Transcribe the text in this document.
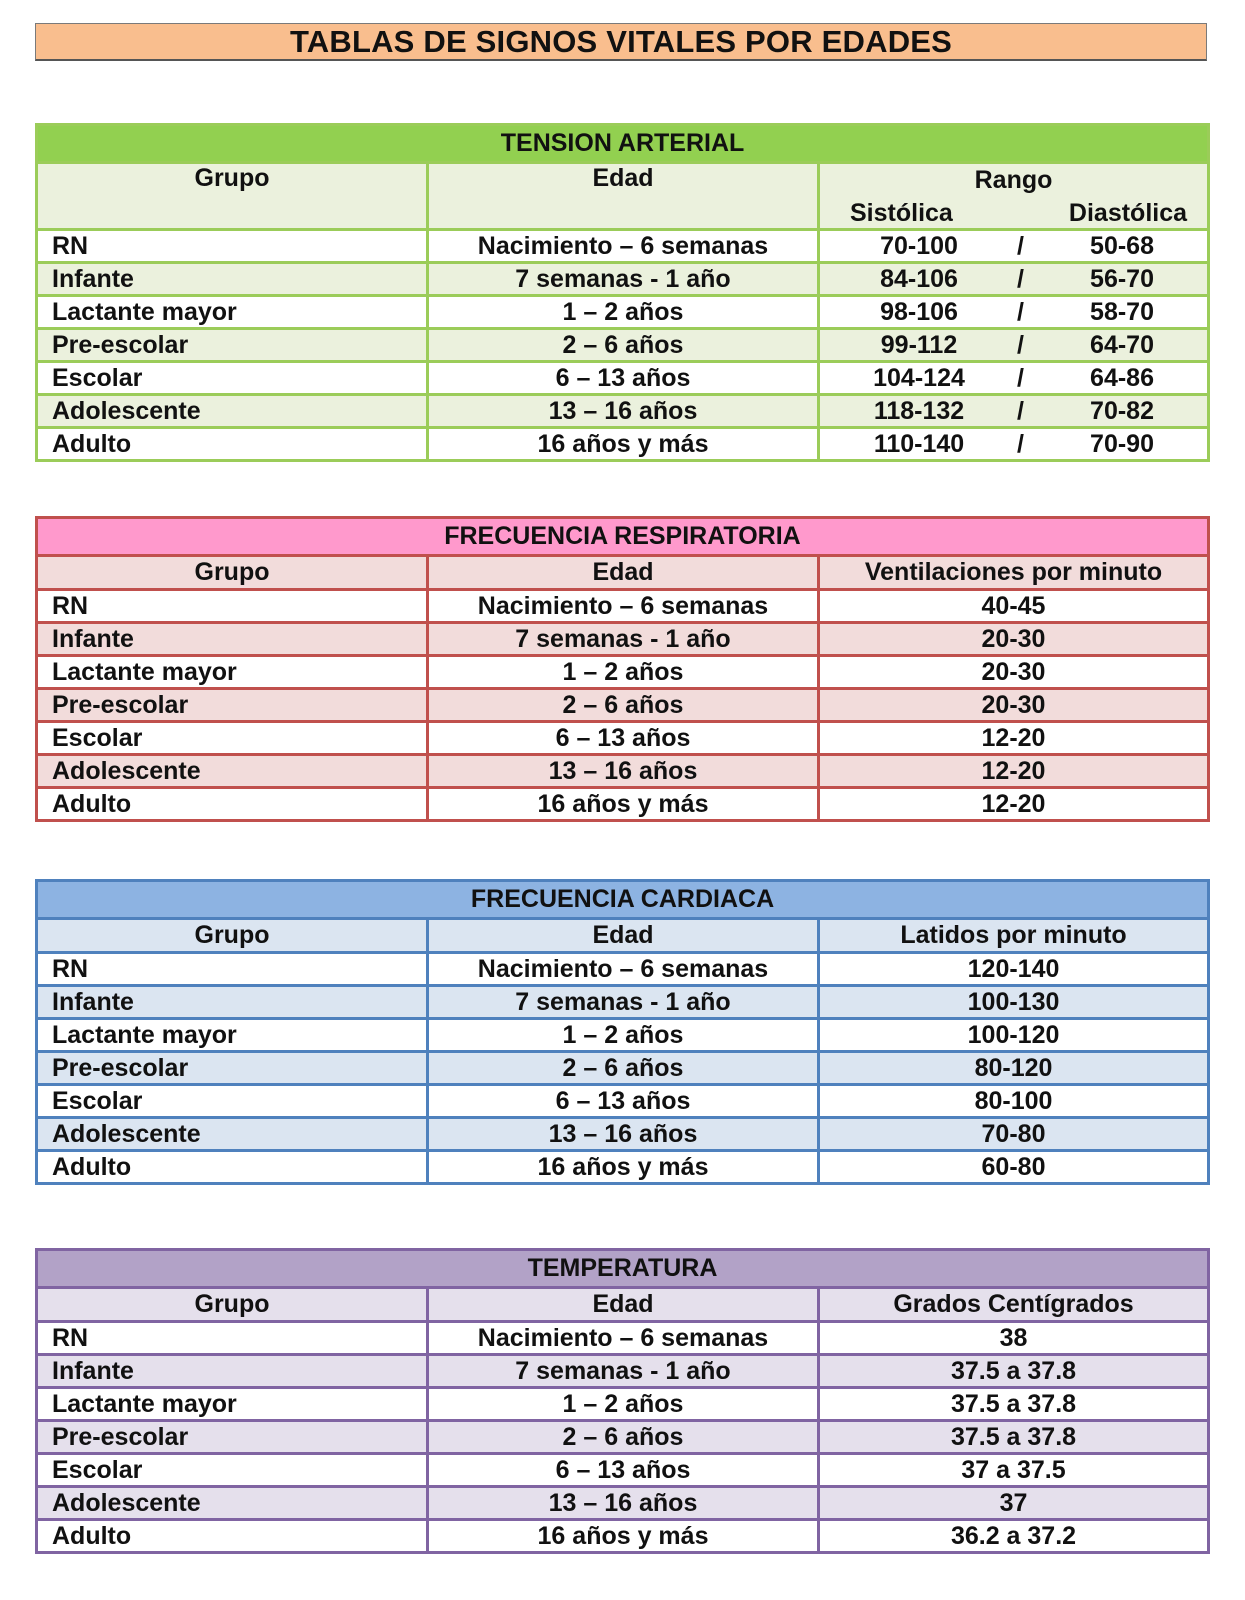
TABLAS DE SIGNOS VITALES POR EDADES
TENSION ARTERIAL		
Grupo	Edad	Rango
Sistólica Diastólica

RN	Nacimiento – 6 semanas	70-100 / 50-68

Infante	7 semanas - 1 año	84-106 / 56-70

Lactante mayor	1 – 2 años	98-106 / 58-70

Pre-escolar	2 – 6 años	99-112 / 64-70

Escolar	6 – 13 años	104-124 / 64-86

Adolescente	13 – 16 años	118-132 / 70-82

Adulto	16 años y más	110-140 / 70-90
FRECUENCIA RESPIRATORIA		
Grupo	Edad	Ventilaciones por minuto
RN	Nacimiento – 6 semanas	40-45
Infante	7 semanas - 1 año	20-30
Lactante mayor	1 – 2 años	20-30
Pre-escolar	2 – 6 años	20-30
Escolar	6 – 13 años	12-20
Adolescente	13 – 16 años	12-20
Adulto	16 años y más	12-20
FRECUENCIA CARDIACA		
Grupo	Edad	Latidos por minuto
RN	Nacimiento – 6 semanas	120-140
Infante	7 semanas - 1 año	100-130
Lactante mayor	1 – 2 años	100-120
Pre-escolar	2 – 6 años	80-120
Escolar	6 – 13 años	80-100
Adolescente	13 – 16 años	70-80
Adulto	16 años y más	60-80
TEMPERATURA		
Grupo	Edad	Grados Centígrados
RN	Nacimiento – 6 semanas	38
Infante	7 semanas - 1 año	37.5 a 37.8
Lactante mayor	1 – 2 años	37.5 a 37.8
Pre-escolar	2 – 6 años	37.5 a 37.8
Escolar	6 – 13 años	37 a 37.5
Adolescente	13 – 16 años	37
Adulto	16 años y más	36.2 a 37.2
